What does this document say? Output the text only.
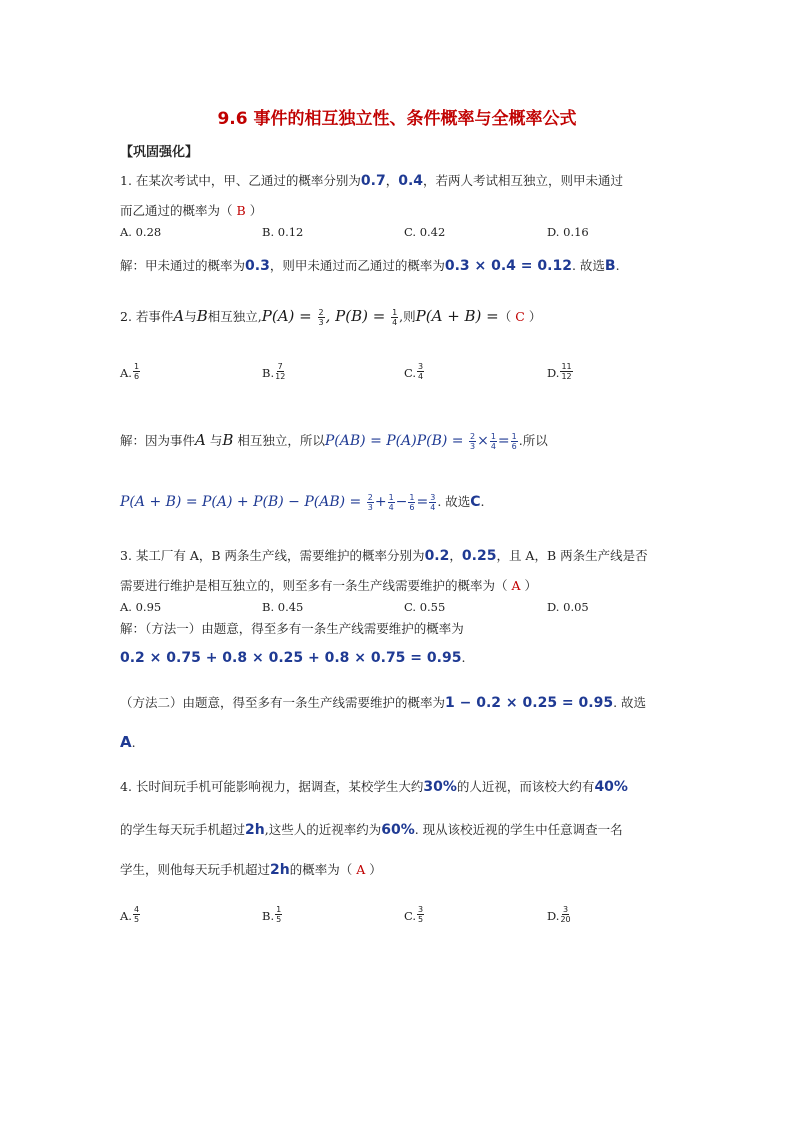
9.6 事件的相互独立性、条件概率与全概率公式
【巩固强化】
1. 在某次考试中，甲、乙通过的概率分别为0.7，0.4，若两人考试相互独立，则甲未通过
而乙通过的概率为（ B ）
A. 0.28	B. 0.12	C. 0.42	D. 0.16
解：甲未通过的概率为0.3，则甲未通过而乙通过的概率为0.3 × 0.4 = 0.12. 故选B.
2. 若事件A与B相互独立$,P(A) = \frac{2}{3}$ , $P(B) = \frac{1}{4}$ ,则P(A + B) =（ C ）
A. $\frac{1}{6}$	B. $\frac{7}{12}$	C. $\frac{3}{4}$	D. $\frac{11}{12}$
解：因为事件A 与B 相互独立，所以$P(AB) = P(A)P(B) = \frac{2}{3} \times \frac{1}{4} = \frac{1}{6}$ .所以
$P(A + B) = P(A) + P(B) - P(AB) = \frac{2}{3} + \frac{1}{4} - \frac{1}{6} = \frac{3}{4}$ . 故选C.
3. 某工厂有 A，B 两条生产线，需要维护的概率分别为0.2，0.25，且 A，B 两条生产线是否
需要进行维护是相互独立的，则至多有一条生产线需要维护的概率为（ A ）
A. 0.95	B. 0.45	C. 0.55	D. 0.05
解：（方法一）由题意，得至多有一条生产线需要维护的概率为
0.2 × 0.75 + 0.8 × 0.25 + 0.8 × 0.75 = 0.95.
（方法二）由题意，得至多有一条生产线需要维护的概率为1 − 0.2 × 0.25 = 0.95. 故选
A.
4. 长时间玩手机可能影响视力，据调查，某校学生大约30%的人近视，而该校大约有40%
的学生每天玩手机超过2h,这些人的近视率约为60%. 现从该校近视的学生中任意调查一名
学生，则他每天玩手机超过2h的概率为（ A ）
A. $\frac{4}{5}$	B. $\frac{1}{5}$	C. $\frac{3}{5}$	D. $\frac{3}{20}$
